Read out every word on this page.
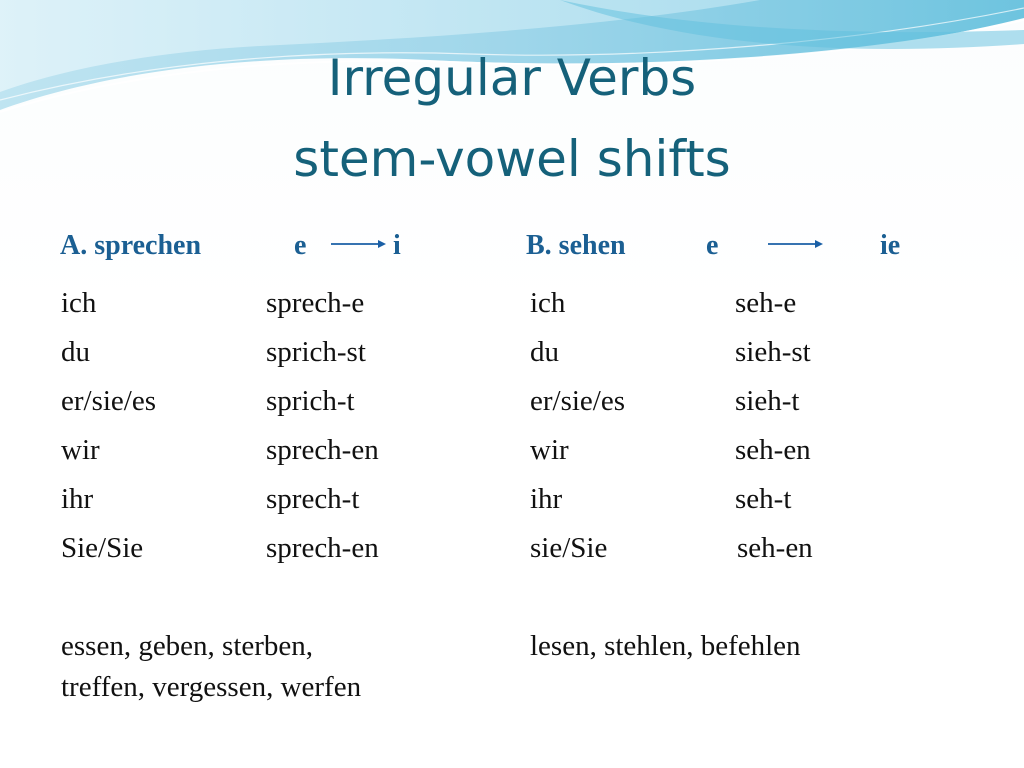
Irregular Verbs
stem-vowel shifts
A. sprechen	e	i	B. sehen	e	ie
ich	sprech-e
du	sprich-st
er/sie/es	sprich-t
wir	sprech-en
ihr	sprech-t
Sie/Sie	sprech-en
ich	seh-e
du	sieh-st
er/sie/es	sieh-t
wir	seh-en
ihr	seh-t
sie/Sie	seh-en
essen, geben, sterben,
treffen, vergessen, werfen
lesen, stehlen, befehlen
